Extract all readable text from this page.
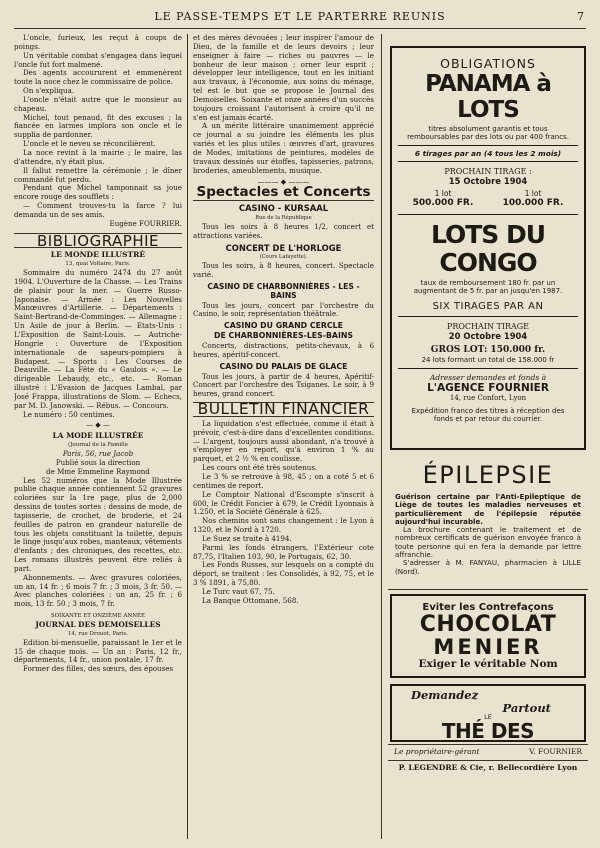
LE PASSE-TEMPS ET LE PARTERRE REUNIS	7

L'oncle, furieux, les reçut à coups de poings.

Un véritable combat s'engagea dans lequel l'oncle fut fort malmené.

Des agents accoururent et emmenèrent toute la noce chez le commissaire de police.

On s'expliqua.

L'oncle n'était autre que le monsieur au chapeau.

Michel, tout penaud, fit des excuses ; la fiancée en larmes implora son oncle et le supplia de pardonner.

L'oncle et le neveu se réconcilièrent.

La noce revint à la mairie ; le maire, las d'attendre, n'y était plus.

Il fallut remettre la cérémonie ; le dîner commandé fut perdu.

Pendant que Michel tamponnait sa joue encore rouge des soufflets :

— Comment trouves-tu la farce ? lui demanda un de ses amis.

Eugène FOURRIER.

BIBLIOGRAPHIE

LE MONDE ILLUSTRÉ

13, quai Voltaire, Paris.

Sommaire du numéro 2474 du 27 août 1904. L'Ouverture de la Chasse. — Les Trains de plaisir pour la mer. — Guerre Russo-Japonaise. — Armée : Les Nouvelles Manœuvres d'Artillerie. — Départements : Saint-Bertrand-de-Comminges. — Allemagne : Un Asile de jour à Berlin. — Etats-Unis : L'Exposition de Saint-Louis. — Autriche-Hongrie : Ouverture de l'Exposition internationale de sapeurs-pompiers à Budapest. — Sports : Les Courses de Deauville. — La Fête du « Gaulois ». — Le dirigeable Lebaudy, etc., etc. — Roman illustré : L'Evasion de Jacques Lambal, par José Frappa, illustrations de Slom. — Echecs, par M. D. Janowski. — Rébus. — Concours.

Le numéro : 50 centimes.

— ◆ —

LA MODE ILLUSTRÉE

(Journal de la Famille

Paris, 56, rue Jacob

Publié sous la direction

de Mme Emmeline Raymond

Les 52 numéros que la Mode Illustrée publie chaque année contiennent 52 gravures coloriées sur la 1re page, plus de 2,000 dessins de toutes sortes : dessins de mode, de tapisserie, de crochet, de broderie, et 24 feuilles de patron en grandeur naturelle de tous les objets constituant la toilette, depuis le linge jusqu'aux robes, manteaux, vêtements d'enfants ; des chroniques, des recettes, etc. Les romans illustrés peuvent être reliés à part.

Abonnements. — Avec gravures coloriées, un an, 14 fr. ; 6 mois 7 fr. ; 3 mois, 3 fr. 50. — Avec planches coloriées : un an, 25 fr. ; 6 mois, 13 fr. 50 ; 3 mois, 7 fr.

SOIXANTE ET ONZIÈME ANNÉE

JOURNAL DES DEMOISELLES

14, rue Drouot, Paris.

Edition bi-mensuelle, paraissant le 1er et le 15 de chaque mois. — Un an : Paris, 12 fr., départements, 14 fr., union postale, 17 fr.

Former des filles, des sœurs, des épouses

et des mères dévouées ; leur inspirer l'amour de Dieu, de la famille et de leurs devoirs ; leur enseigner à faire — riches ou pauvres — le bonheur de leur maison ; orner leur esprit ; développer leur intelligence, tout en les initiant aux travaux, à l'économie, aux soins du ménage, tel est le but que se propose le Journal des Demoiselles. Soixante et onze années d'un succès toujours croissant l'autorisent à croire qu'il ne s'en est jamais écarté.

A un mérite littéraire unanimement apprécié ce journal a su joindre les éléments les plus variés et les plus utiles : œuvres d'art, gravures de Modes, imitations de peintures, modèles de travaux dessinés sur étoffes, tapisseries, patrons, broderies, ameublements, musique.

——— ◆ ———
Spectacles et Concerts
CASINO - KURSAAL
Rue de la République

Tous les soirs à 8 heures 1/2, concert et attractions variées.

CONCERT DE L'HORLOGE
(Cours Lafayette).

Tous les soirs, à 8 heures, concert. Spectacle varié.

CASINO DE CHARBONNIÈRES - LES - BAINS

Tous les jours, concert par l'orchestre du Casino, le soir, représentation théâtrale.

CASINO DU GRAND CERCLE
DE CHARBONNIÈRES-LES-BAINS

Concerts, distractions, petits-chevaux, à 6 heures, apéritif-concert.

CASINO DU PALAIS DE GLACE

Tous les jours, à partir de 4 heures, Apéritif-Concert par l'orchestre des Tsiganes. Le soir, à 9 heures, grand concert.

BULLETIN FINANCIER

La liquidation s'est effectuée, comme il était à prévoir, c'est-à-dire dans d'excellentes conditions. — L'argent, toujours aussi abondant, n'a trouvé à s'employer en report, qu'à environ 1 % au parquet, et 2 ½ % en coulisse.

Les cours ont été très soutenus.

Le 3 % se retrouve à 98, 45 ; on a coté 5 et 6 centimes de report.

Le Comptoir National d'Escompte s'inscrit à 600, le Crédit Foncier à 679, le Crédit Lyonnais à 1.250, et la Société Générale à 625.

Nos chemins sont sans changement : le Lyon à 1320, et le Nord à 1720.

Le Suez se traite à 4194.

Parmi les fonds étrangers, l'Extérieur cote 87,75, l'Italien 103, 90, le Portugais, 62, 30.

Les Fonds Russes, sur lesquels on a compté du déport, se traitent : les Consolidés, à 92, 75, et le 3 % 1891, à 75,80.

Le Turc vaut 67, 75.

La Banque Ottomane, 568.

OBLIGATIONS
PANAMA à LOTS
titres absolument garantis et tous remboursables par des lots ou par 400 francs.
6 tirages par an (4 tous les 2 mois)
PROCHAIN TIRAGE :
15 Octobre 1904
1 lot	1 lot
500.000 FR.	100.000 FR.
LOTS DU CONGO
taux de remboursement 180 fr. par un augmentant de 5 fr. par an jusqu'en 1987.
SIX TIRAGES PAR AN
PROCHAIN TIRAGE
20 Octobre 1904
GROS LOT: 150.000 fr.
24 lots formant un total de 158.000 fr
Adresser demandes et fonds à
L'AGENCE FOURNIER
14, rue Confort, Lyon
Expédition franco des titres à réception des fonds et par retour du courrier.
ÉPILEPSIE
Guérison certaine par l'Anti-Epileptique de Liège de toutes les maladies nerveuses et particulièrement de l'épilepsie réputée aujourd'hui incurable.
La brochure contenant le traitement et de nombreux certificats de guérison envoyée franco à toute personne qui en fera la demande par lettre affranchie.
S'adresser à M. FANYAU, pharmacien à LILLE (Nord).
Eviter les Contrefaçons
CHOCOLAT
MENIER
Exiger le véritable Nom
Demandez
Partout
LE
THÉ DES
Le propriétaire-gérant	V. FOURNIER
P. LEGENDRE & Cie, r. Bellecordière Lyon
